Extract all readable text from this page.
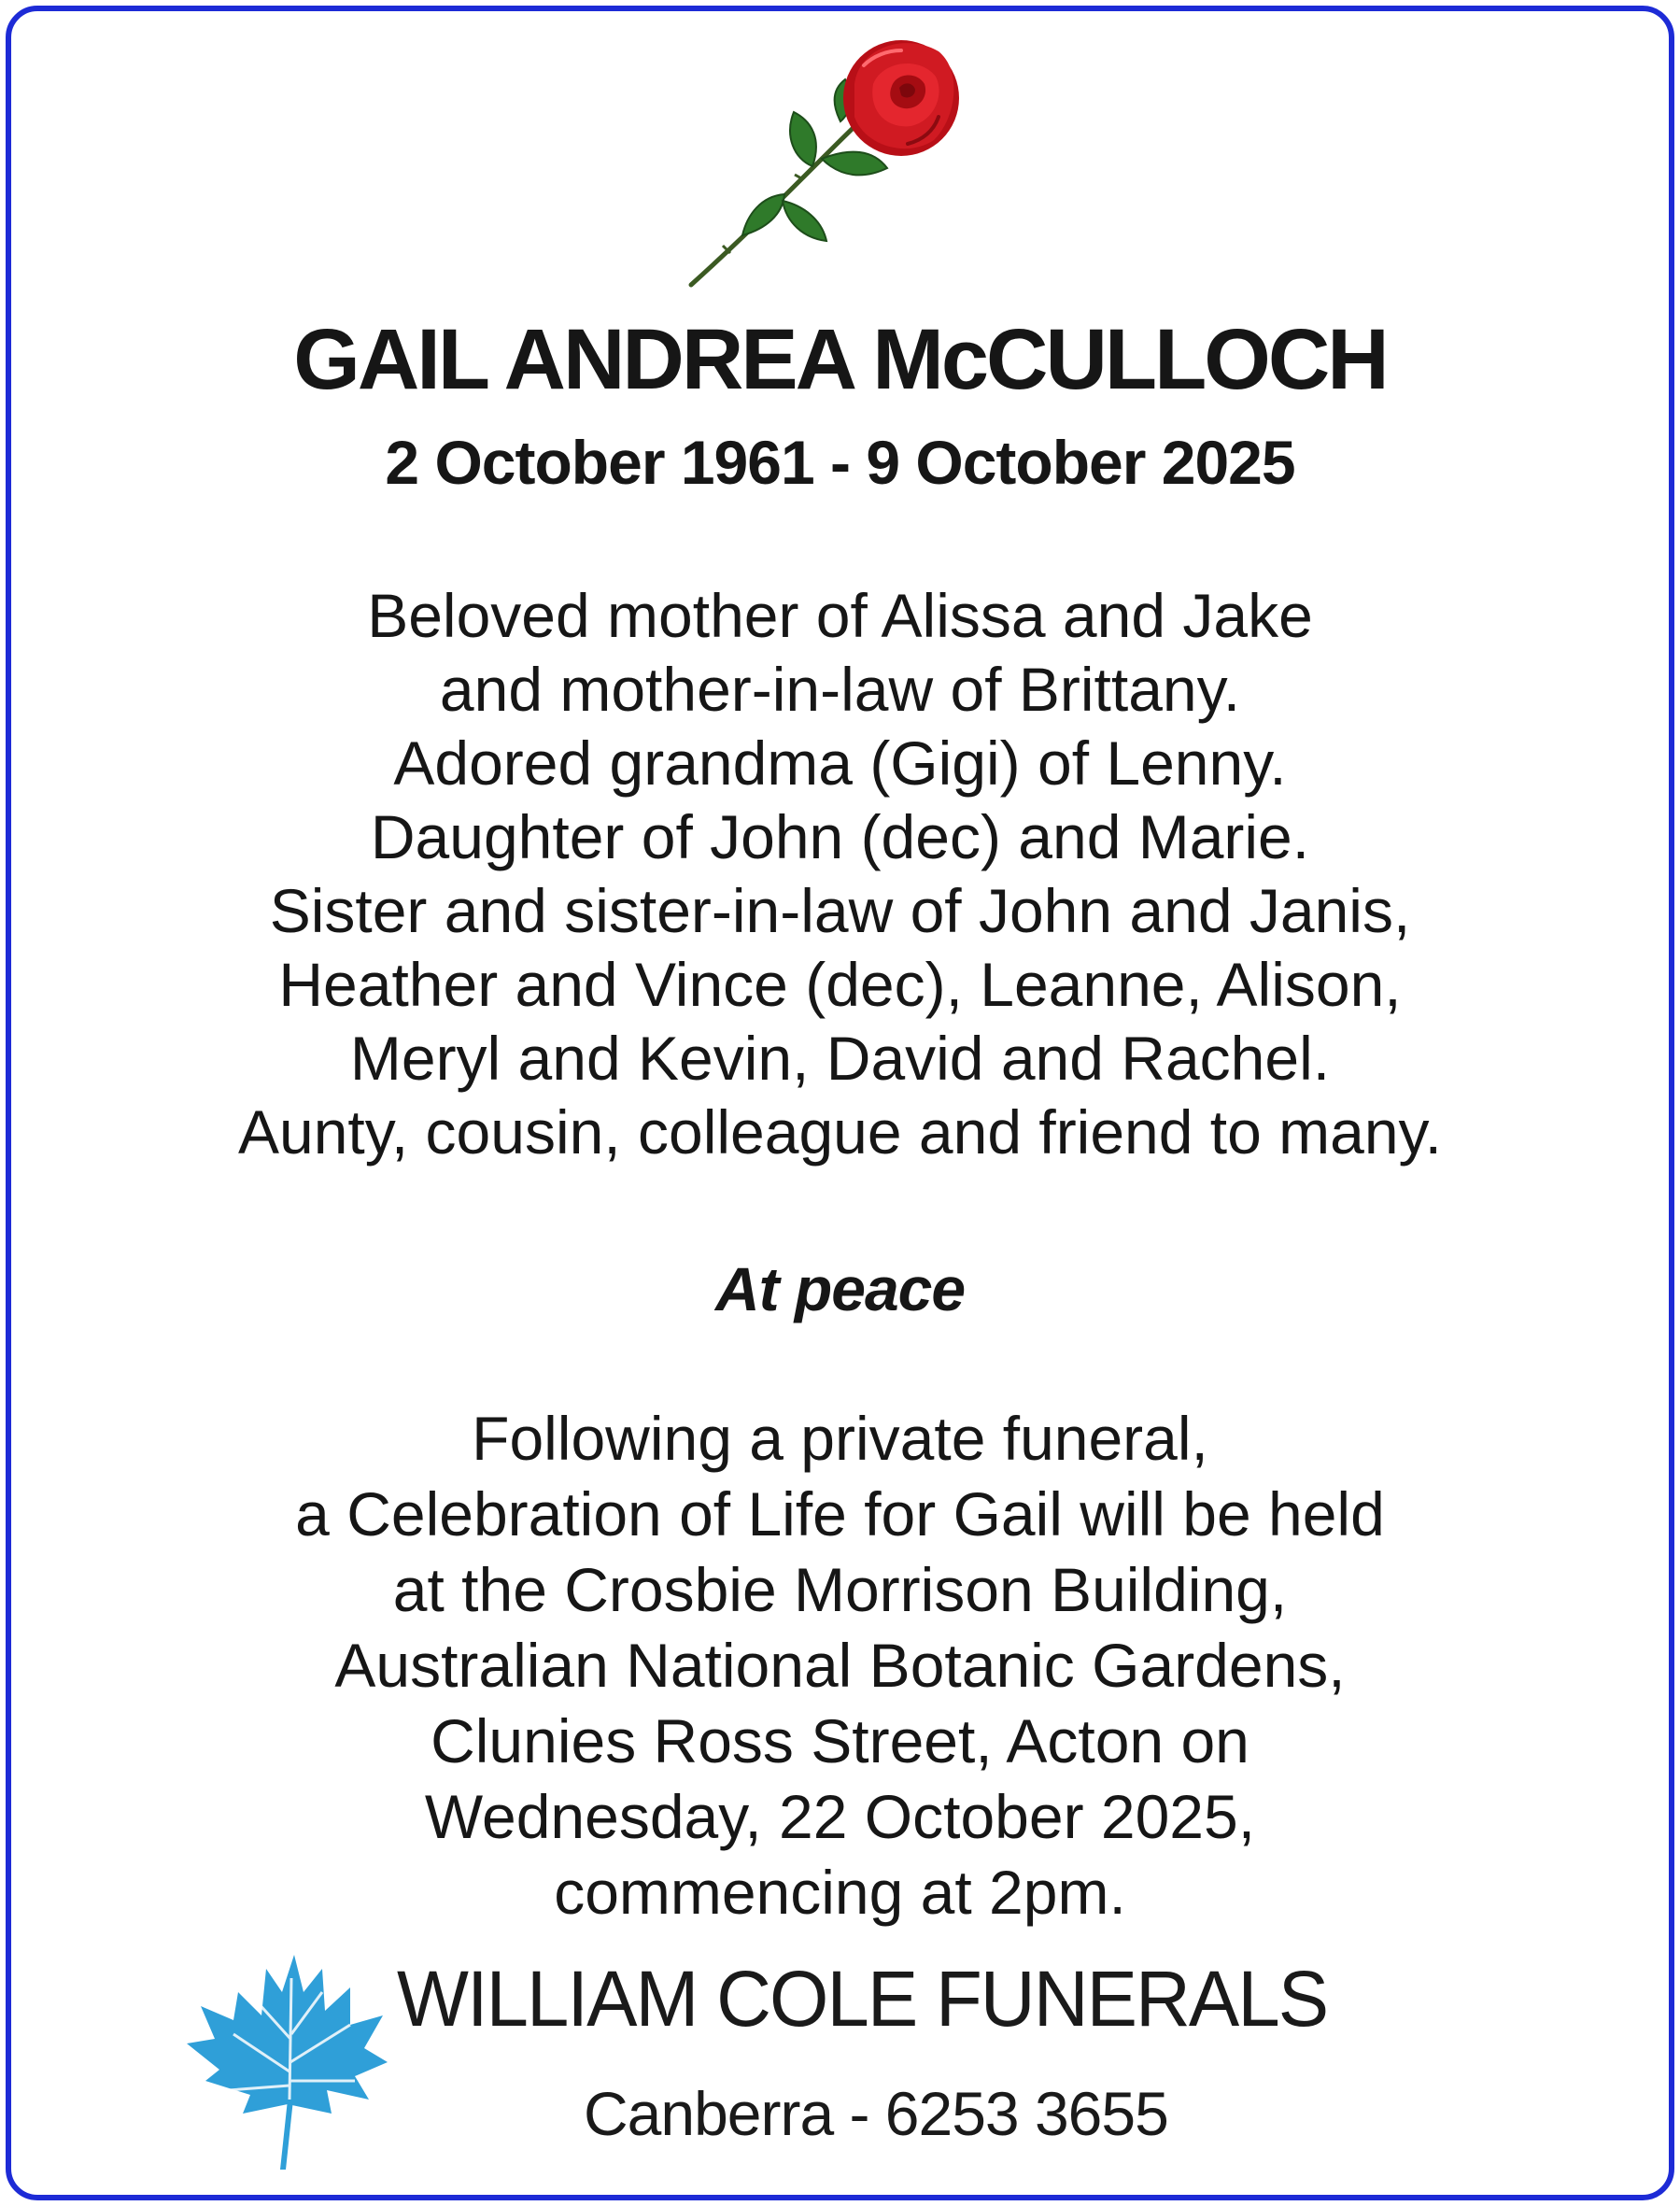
GAIL ANDREA McCULLOCH
2 October 1961 - 9 October 2025
Beloved mother of Alissa and Jake
and mother-in-law of Brittany.
Adored grandma (Gigi) of Lenny.
Daughter of John (dec) and Marie.
Sister and sister-in-law of John and Janis,
Heather and Vince (dec), Leanne, Alison,
Meryl and Kevin, David and Rachel.
Aunty, cousin, colleague and friend to many.
At peace
Following a private funeral,
a Celebration of Life for Gail will be held
at the Crosbie Morrison Building,
Australian National Botanic Gardens,
Clunies Ross Street, Acton on
Wednesday, 22 October 2025,
commencing at 2pm.
WILLIAM COLE FUNERALS
Canberra - 6253 3655
